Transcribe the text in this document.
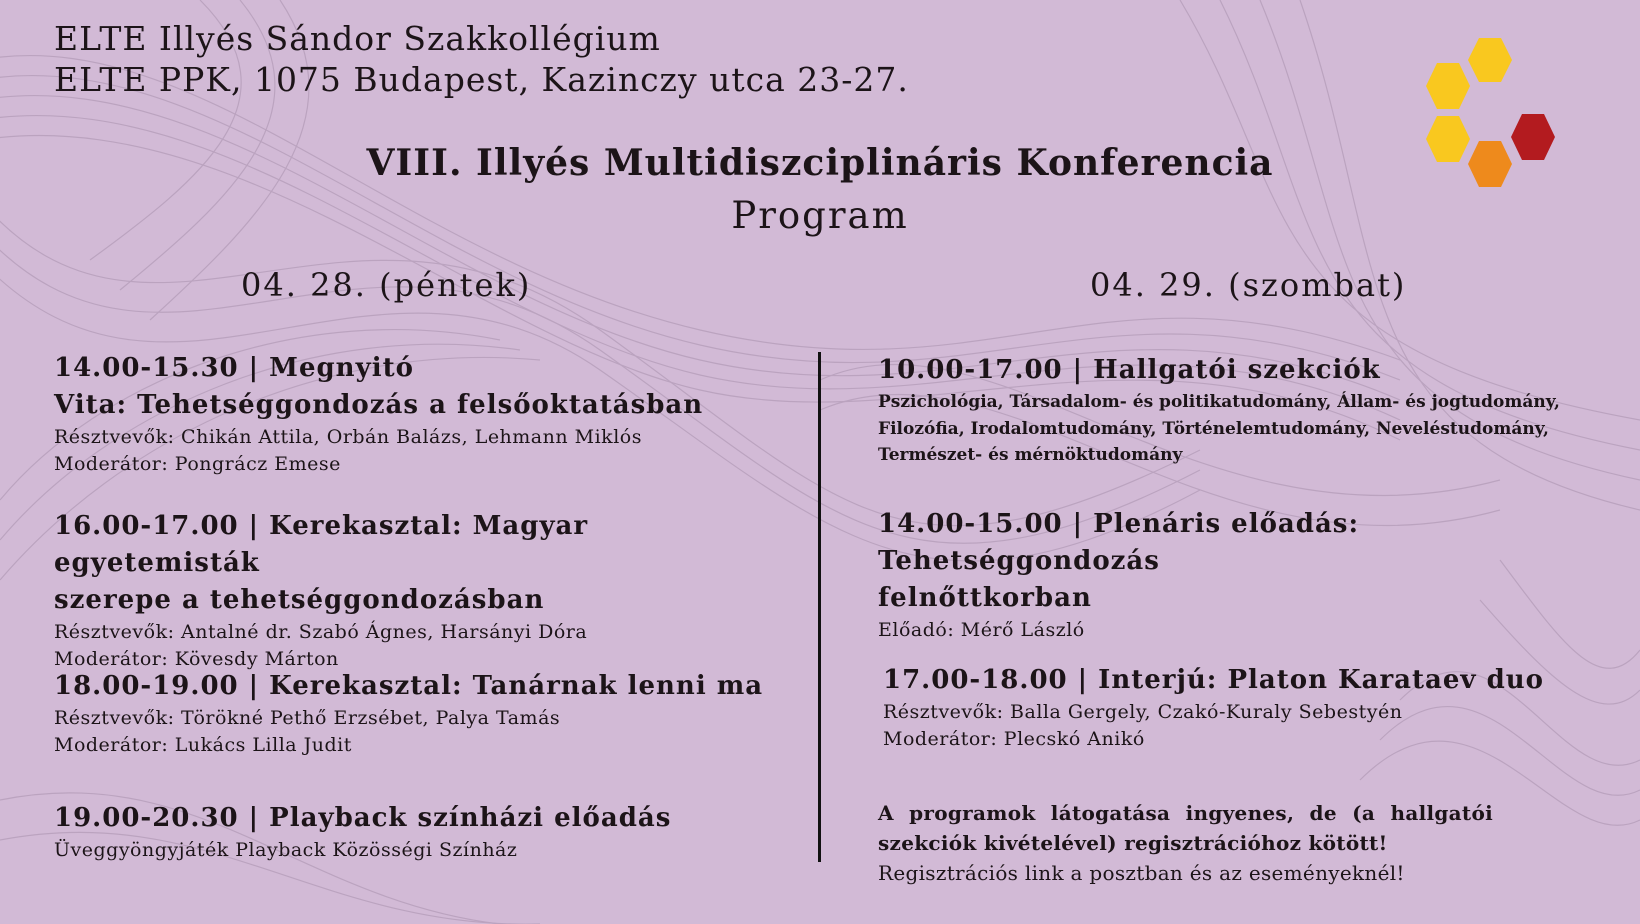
ELTE Illyés Sándor Szakkollégium
ELTE PPK, 1075 Budapest, Kazinczy utca 23-27.
VIII. Illyés Multidiszciplináris Konferencia
Program
04. 28. (péntek)	04. 29. (szombat)
14.00-15.30 | Megnyitó
Vita: Tehetséggondozás a felsőoktatásban
Résztvevők: Chikán Attila, Orbán Balázs, Lehmann Miklós
Moderátor: Pongrácz Emese
16.00-17.00 | Kerekasztal: Magyar egyetemisták
szerepe a tehetséggondozásban
Résztvevők: Antalné dr. Szabó Ágnes, Harsányi Dóra
Moderátor: Kövesdy Márton
18.00-19.00 | Kerekasztal: Tanárnak lenni ma
Résztvevők: Törökné Pethő Erzsébet, Palya Tamás
Moderátor: Lukács Lilla Judit
19.00-20.30 | Playback színházi előadás
Üveggyöngyjáték Playback Közösségi Színház
10.00-17.00 | Hallgatói szekciók
Pszichológia, Társadalom- és politikatudomány, Állam- és jogtudomány,
Filozófia, Irodalomtudomány, Történelemtudomány, Neveléstudomány,
Természet- és mérnöktudomány
14.00-15.00 | Plenáris előadás: Tehetséggondozás
felnőttkorban
Előadó: Mérő László
17.00-18.00 | Interjú: Platon Karataev duo
Résztvevők: Balla Gergely, Czakó-Kuraly Sebestyén
Moderátor: Plecskó Anikó
A programok látogatása ingyenes, de (a hallgatói
szekciók kivételével) regisztrációhoz kötött!
Regisztrációs link a posztban és az eseményeknél!
